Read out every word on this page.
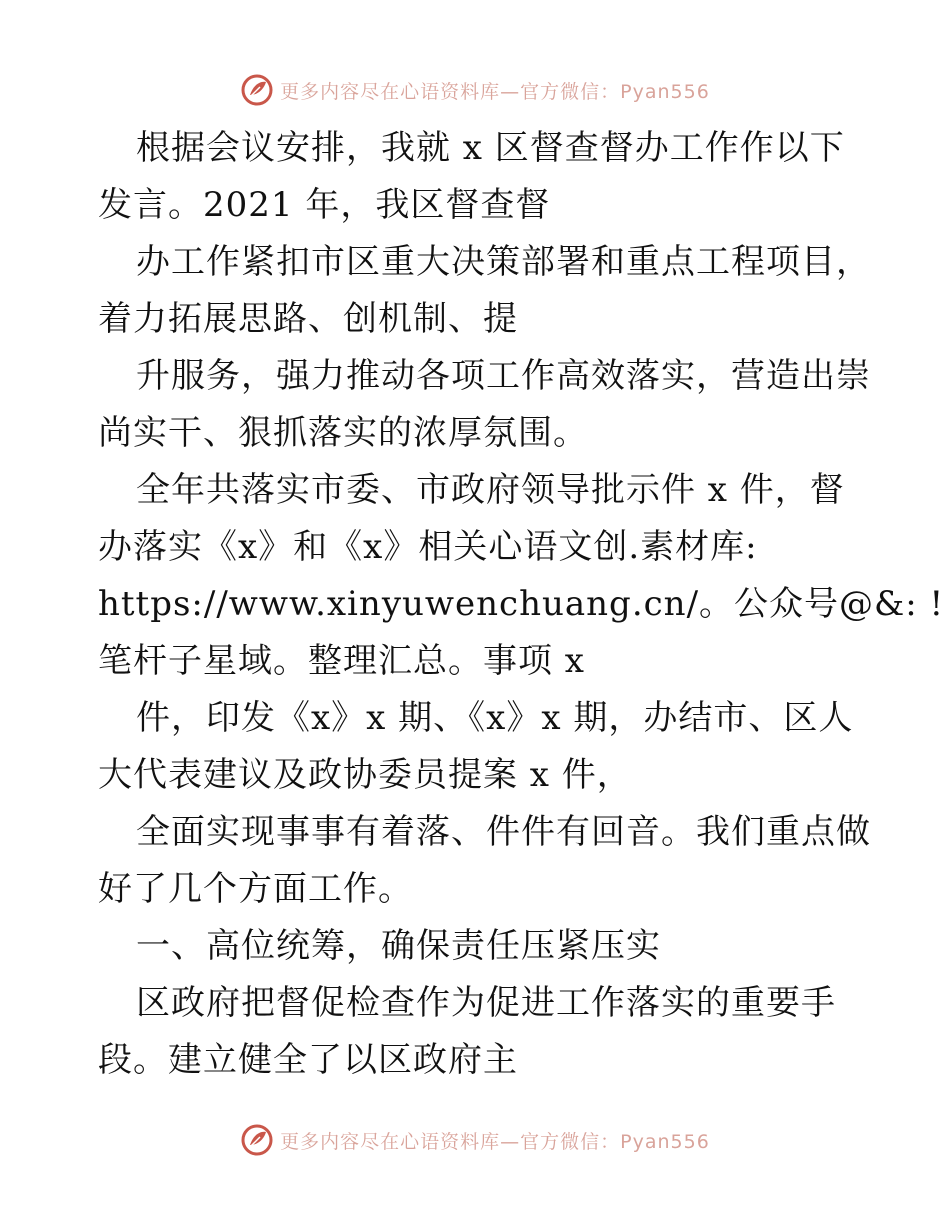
更多内容尽在心语资料库—官方微信：Pyan556
根据会议安排，我就 x 区督查督办工作作以下
发言。2021 年，我区督查督
办工作紧扣市区重大决策部署和重点工程项目，
着力拓展思路、创机制、提
升服务，强力推动各项工作高效落实，营造出崇
尚实干、狠抓落实的浓厚氛围。
全年共落实市委、市政府领导批示件 x 件，督
办落实《x》和《x》相关心语文创.素材库:
https://www.xinyuwenchuang.cn/。公众号@&: !
笔杆子星域。整理汇总。事项 x
件，印发《x》x 期、《x》x 期，办结市、区人
大代表建议及政协委员提案 x 件，
全面实现事事有着落、件件有回音。我们重点做
好了几个方面工作。
一、高位统筹，确保责任压紧压实
区政府把督促检查作为促进工作落实的重要手
段。建立健全了以区政府主
更多内容尽在心语资料库—官方微信：Pyan556
